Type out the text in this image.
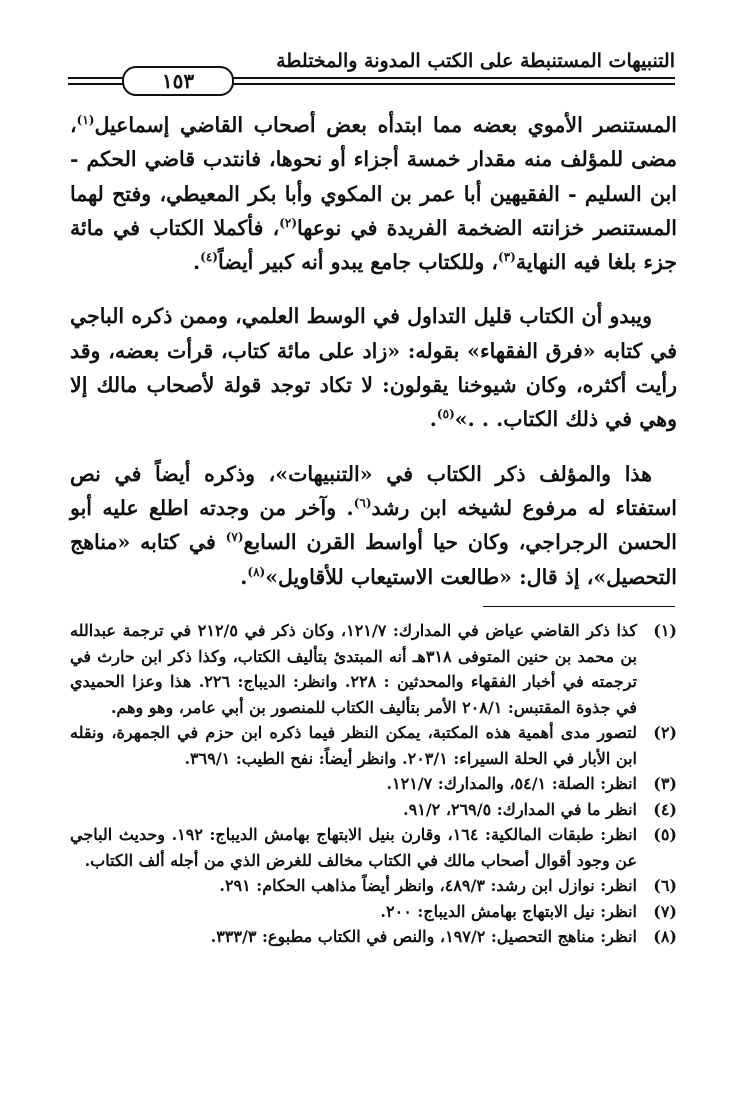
التنبيهات المستنبطة على الكتب المدونة والمختلطة
١٥٣

المستنصر الأموي بعضه مما ابتدأه بعض أصحاب القاضي إسماعيل$^{(١)}$، مضى للمؤلف منه مقدار خمسة أجزاء أو نحوها، فانتدب قاضي الحكم - ابن السليم - الفقيهين أبا عمر بن المكوي وأبا بكر المعيطي، وفتح لهما المستنصر خزانته الضخمة الفريدة في نوعها$^{(٢)}$، فأكملا الكتاب في مائة جزء بلغا فيه النهاية$^{(٣)}$، وللكتاب جامع يبدو أنه كبير أيضاً$^{(٤)}$.

ويبدو أن الكتاب قليل التداول في الوسط العلمي، وممن ذكره الباجي في كتابه «فرق الفقهاء» بقوله: «زاد على مائة كتاب، قرأت بعضه، وقد رأيت أكثره، وكان شيوخنا يقولون: لا تكاد توجد قولة لأصحاب مالك إلا وهي في ذلك الكتاب. . .»$^{(٥)}$.

هذا والمؤلف ذكر الكتاب في «التنبيهات»، وذكره أيضاً في نص استفتاء له مرفوع لشيخه ابن رشد$^{(٦)}$. وآخر من وجدته اطلع عليه أبو الحسن الرجراجي، وكان حيا أواسط القرن السابع$^{(٧)}$ في كتابه «مناهج التحصيل»، إذ قال: «طالعت الاستيعاب للأقاويل»$^{(٨)}$.

(١)
كذا ذكر القاضي عياض في المدارك: ١٢١/٧، وكان ذكر في ٢١٢/٥ في ترجمة عبدالله بن محمد بن حنين المتوفى ٣١٨هـ أنه المبتدئ بتأليف الكتاب، وكذا ذكر ابن حارث في ترجمته في أخبار الفقهاء والمحدثين : ٢٢٨. وانظر: الديباج: ٢٢٦. هذا وعزا الحميدي في جذوة المقتبس: ٢٠٨/١ الأمر بتأليف الكتاب للمنصور بن أبي عامر، وهو وهم.
(٢)
لتصور مدى أهمية هذه المكتبة، يمكن النظر فيما ذكره ابن حزم في الجمهرة، ونقله ابن الأبار في الحلة السيراء: ٢٠٣/١. وانظر أيضاً: نفح الطيب: ٣٦٩/١.
(٣)
انظر: الصلة: ٥٤/١، والمدارك: ١٢١/٧.
(٤)
انظر ما في المدارك: ٢٦٩/٥، ٩١/٢.
(٥)
انظر: طبقات المالكية: ١٦٤، وقارن بنيل الابتهاج بهامش الديباج: ١٩٢. وحديث الباجي عن وجود أقوال أصحاب مالك في الكتاب مخالف للغرض الذي من أجله ألف الكتاب.
(٦)
انظر: نوازل ابن رشد: ٤٨٩/٣، وانظر أيضاً مذاهب الحكام: ٢٩١.
(٧)
انظر: نيل الابتهاج بهامش الديباج: ٢٠٠.
(٨)
انظر: مناهج التحصيل: ١٩٧/٢، والنص في الكتاب مطبوع: ٣٣٣/٣.
